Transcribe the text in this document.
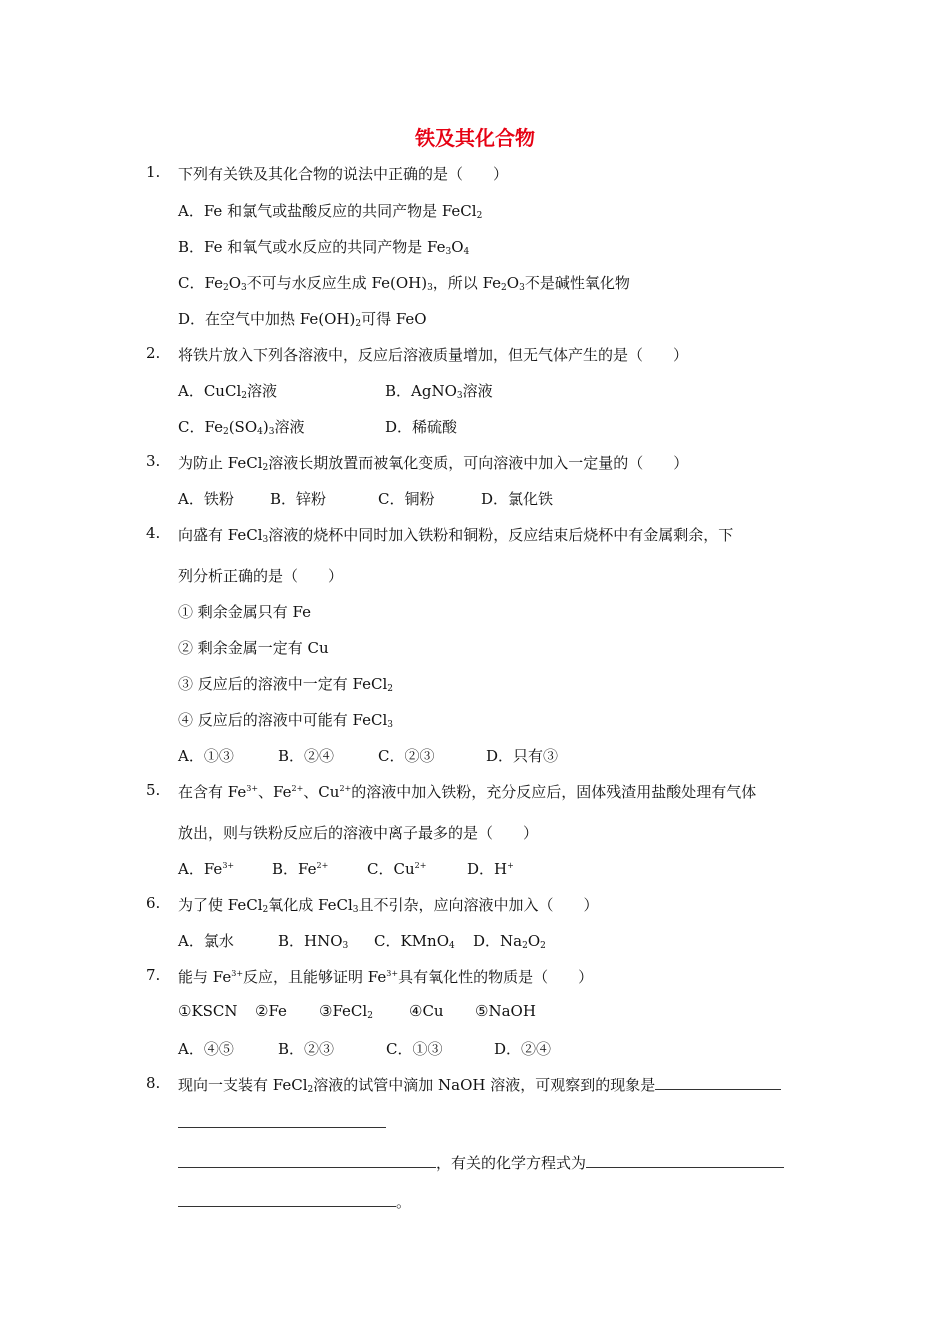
铁及其化合物
1. 下列有关铁及其化合物的说法中正确的是（　　）
A．Fe 和氯气或盐酸反应的共同产物是 FeCl$_2$
B．Fe 和氧气或水反应的共同产物是 $Fe_3O_4$
C．$Fe_2O_3$不可与水反应生成 $Fe(OH)_3$，所以 $Fe_2O_3$不是碱性氧化物
D．在空气中加热 $Fe(OH)_2$可得 FeO
2. 将铁片放入下列各溶液中，反应后溶液质量增加，但无气体产生的是（　　）
A．CuCl$_2$溶液	B．AgNO$_3$溶液
C．$Fe_2(SO_4)_3$溶液	D．稀硫酸
3. 为防止 FeCl$_2$溶液长期放置而被氧化变质，可向溶液中加入一定量的（　　）
A．铁粉 B．锌粉	C．铜粉	D．氯化铁
4. 向盛有 FeCl$_3$溶液的烧杯中同时加入铁粉和铜粉，反应结束后烧杯中有金属剩余，下
列分析正确的是（　　）
① 剩余金属只有 Fe
② 剩余金属一定有 Cu
③ 反应后的溶液中一定有 FeCl$_2$
④ 反应后的溶液中可能有 FeCl$_3$
A．①③	B．②④	C．②③	D．只有③
5. 在含有 $Fe^{3+}$、$Fe^{2+}$、$Cu^{2+}$的溶液中加入铁粉，充分反应后，固体残渣用盐酸处理有气体
放出，则与铁粉反应后的溶液中离子最多的是（　　）
A．$Fe^{3+}$	B．$Fe^{2+}$	C．$Cu^{2+}$	D．H+
6. 为了使 FeCl$_2$氧化成 FeCl$_3$且不引杂，应向溶液中加入（　　）
A．氯水	B．$HNO_3$ C．KMnO$_4$ D．$Na_2O_2$
7. 能与 $Fe^{3+}$反应，且能够证明 $Fe^{3+}$具有氧化性的物质是（　　）
①KSCN ②Fe ③FeCl$_2$ ④Cu ⑤NaOH
A．④⑤	B．②③	C．①③	D．②④
8. 现向一支装有 FeCl$_2$溶液的试管中滴加 NaOH 溶液，可观察到的现象是
，有关的化学方程式为
。
